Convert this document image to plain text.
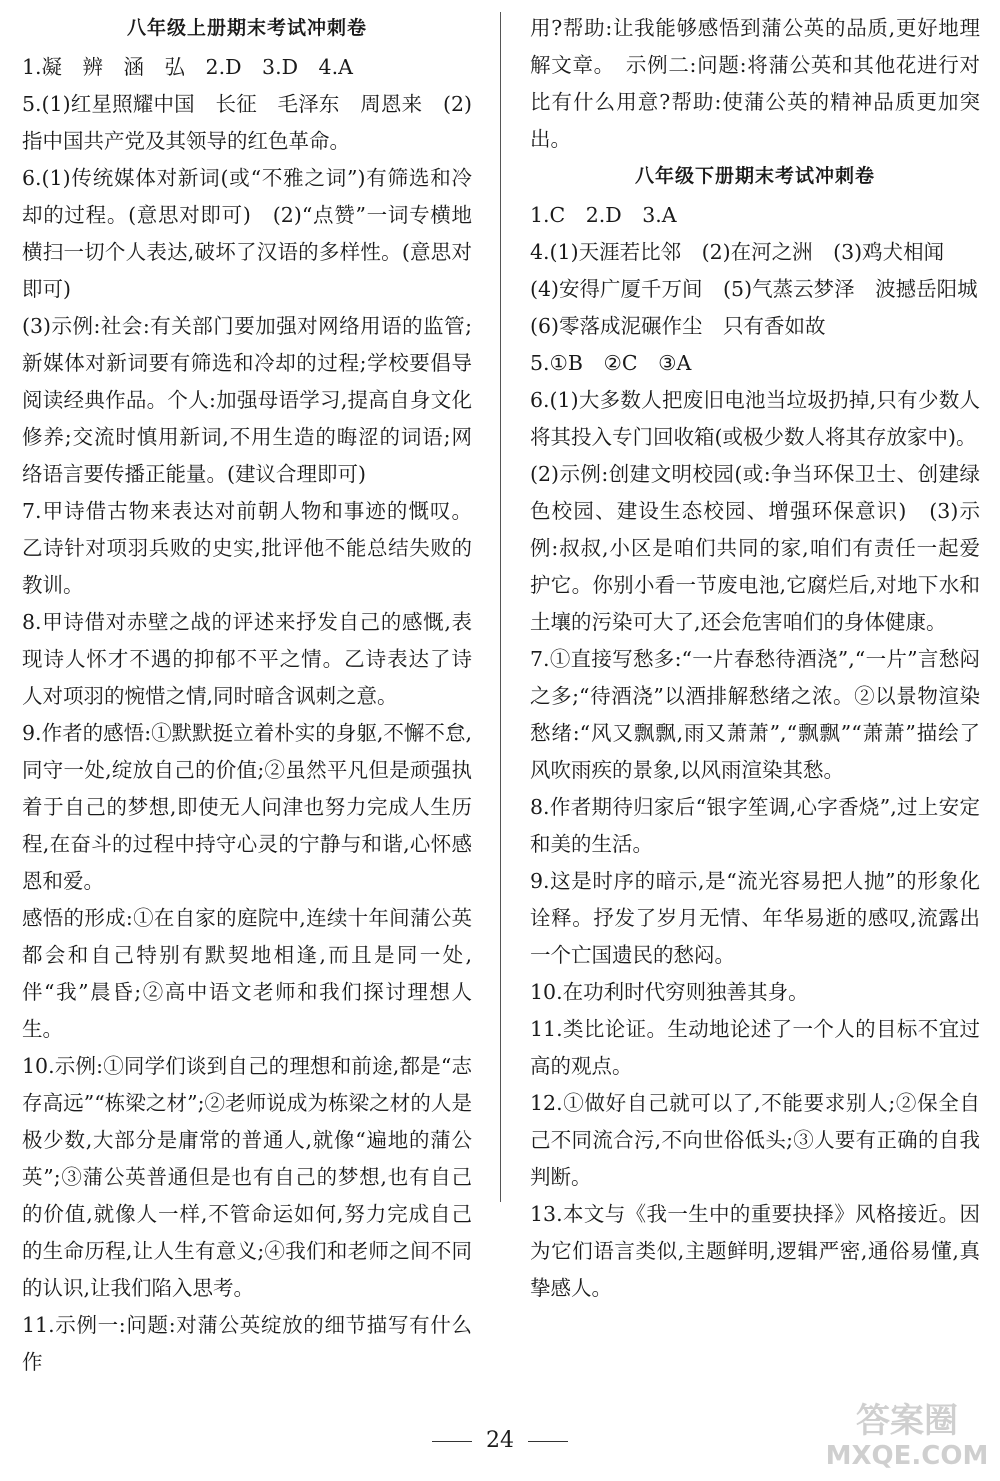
八年级上册期末考试冲刺卷

1.凝　辨　涵　弘　2.D　3.D　4.A

5.(1)红星照耀中国　长征　毛泽东　周恩来　(2)指中国共产党及其领导的红色革命。

6.(1)传统媒体对新词(或“不雅之词”)有筛选和冷却的过程。(意思对即可)　(2)“点赞”一词专横地横扫一切个人表达,破坏了汉语的多样性。(意思对即可)

(3)示例:社会:有关部门要加强对网络用语的监管;新媒体对新词要有筛选和冷却的过程;学校要倡导阅读经典作品。个人:加强母语学习,提高自身文化修养;交流时慎用新词,不用生造的晦涩的词语;网络语言要传播正能量。(建议合理即可)

7.甲诗借古物来表达对前朝人物和事迹的慨叹。乙诗针对项羽兵败的史实,批评他不能总结失败的教训。

8.甲诗借对赤壁之战的评述来抒发自己的感慨,表现诗人怀才不遇的抑郁不平之情。乙诗表达了诗人对项羽的惋惜之情,同时暗含讽刺之意。

9.作者的感悟:①默默挺立着朴实的身躯,不懈不怠,同守一处,绽放自己的价值;②虽然平凡但是顽强执着于自己的梦想,即使无人问津也努力完成人生历程,在奋斗的过程中持守心灵的宁静与和谐,心怀感恩和爱。

感悟的形成:①在自家的庭院中,连续十年间蒲公英都会和自己特别有默契地相逢,而且是同一处,伴“我”晨昏;②高中语文老师和我们探讨理想人生。

10.示例:①同学们谈到自己的理想和前途,都是“志存高远”“栋梁之材”;②老师说成为栋梁之材的人是极少数,大部分是庸常的普通人,就像“遍地的蒲公英”;③蒲公英普通但是也有自己的梦想,也有自己的价值,就像人一样,不管命运如何,努力完成自己的生命历程,让人生有意义;④我们和老师之间不同的认识,让我们陷入思考。

11.示例一:问题:对蒲公英绽放的细节描写有什么作

用?帮助:让我能够感悟到蒲公英的品质,更好地理解文章。　示例二:问题:将蒲公英和其他花进行对比有什么用意?帮助:使蒲公英的精神品质更加突出。

八年级下册期末考试冲刺卷

1.C　2.D　3.A

4.(1)天涯若比邻　(2)在河之洲　(3)鸡犬相闻

(4)安得广厦千万间　(5)气蒸云梦泽　波撼岳阳城

(6)零落成泥碾作尘　只有香如故

5.①B　②C　③A

6.(1)大多数人把废旧电池当垃圾扔掉,只有少数人将其投入专门回收箱(或极少数人将其存放家中)。

(2)示例:创建文明校园(或:争当环保卫士、创建绿色校园、建设生态校园、增强环保意识)　(3)示例:叔叔,小区是咱们共同的家,咱们有责任一起爱护它。你别小看一节废电池,它腐烂后,对地下水和土壤的污染可大了,还会危害咱们的身体健康。

7.①直接写愁多:“一片春愁待酒浇”,“一片”言愁闷之多;“待酒浇”以酒排解愁绪之浓。②以景物渲染愁绪:“风又飘飘,雨又萧萧”,“飘飘”“萧萧”描绘了风吹雨疾的景象,以风雨渲染其愁。

8.作者期待归家后“银字笙调,心字香烧”,过上安定和美的生活。

9.这是时序的暗示,是“流光容易把人抛”的形象化诠释。抒发了岁月无情、年华易逝的感叹,流露出一个亡国遗民的愁闷。

10.在功利时代穷则独善其身。

11.类比论证。生动地论述了一个人的目标不宜过高的观点。

12.①做好自己就可以了,不能要求别人;②保全自己不同流合污,不向世俗低头;③人要有正确的自我判断。

13.本文与《我一生中的重要抉择》风格接近。因为它们语言类似,主题鲜明,逻辑严密,通俗易懂,真挚感人。

24	答案圈
MXQE.COM
